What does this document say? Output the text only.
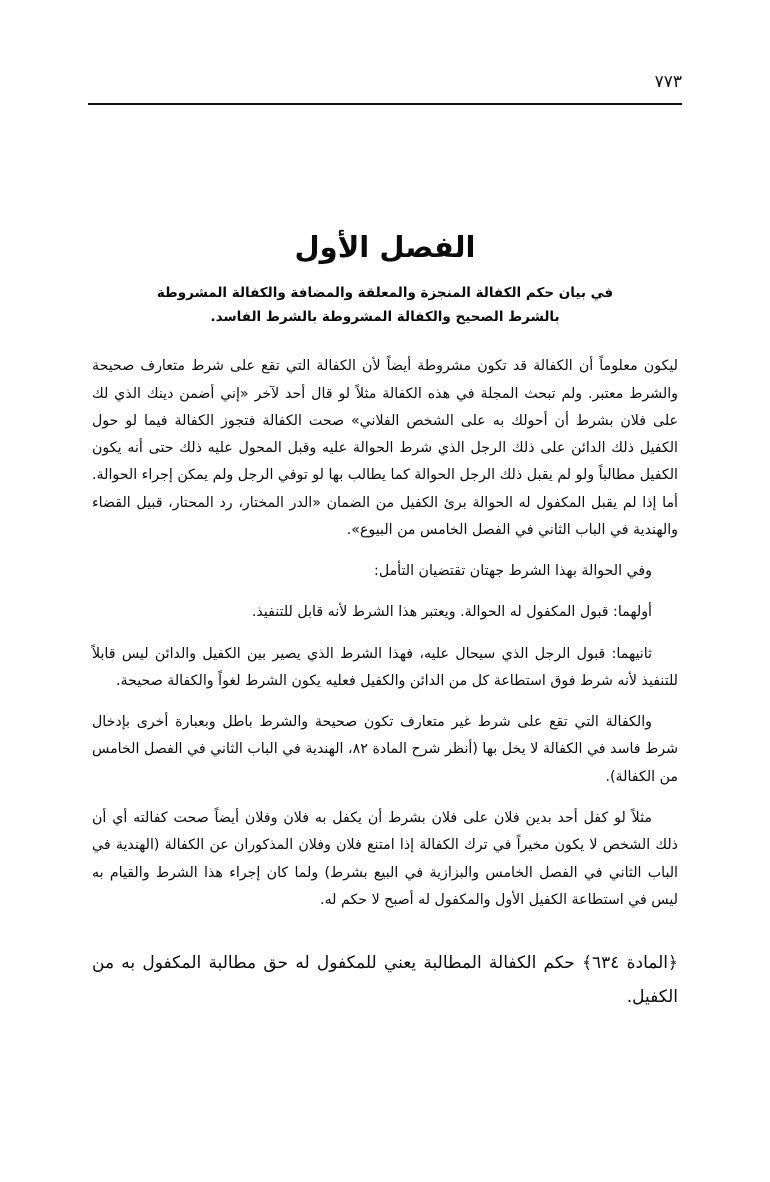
٧٧٣
الفصل الأول
في بيان حكم الكفالة المنجزة والمعلقة والمضافة والكفالة المشروطة بالشرط الصحيح والكفالة المشروطة بالشرط الفاسد.

ليكون معلوماً أن الكفالة قد تكون مشروطة أيضاً لأن الكفالة التي تقع على شرط متعارف صحيحة والشرط معتبر. ولم تبحث المجلة في هذه الكفالة مثلاً لو قال أحد لآخر «إني أضمن دينك الذي لك على فلان بشرط أن أحولك به على الشخص الفلاني» صحت الكفالة فتجوز الكفالة فيما لو حول الكفيل ذلك الدائن على ذلك الرجل الذي شرط الحوالة عليه وقبل المحول عليه ذلك حتى أنه يكون الكفيل مطالباً ولو لم يقبل ذلك الرجل الحوالة كما يطالب بها لو توفي الرجل ولم يمكن إجراء الحوالة. أما إذا لم يقبل المكفول له الحوالة برئ الكفيل من الضمان «الدر المختار، رد المحتار، قبيل القضاء والهندية في الباب الثاني في الفصل الخامس من البيوع».

وفي الحوالة بهذا الشرط جهتان تقتضيان التأمل:

أولهما: قبول المكفول له الحوالة. ويعتبر هذا الشرط لأنه قابل للتنفيذ.

ثانيهما: قبول الرجل الذي سيحال عليه، فهذا الشرط الذي يصير بين الكفيل والدائن ليس قابلاً للتنفيذ لأنه شرط فوق استطاعة كل من الدائن والكفيل فعليه يكون الشرط لغواً والكفالة صحيحة.

والكفالة التي تقع على شرط غير متعارف تكون صحيحة والشرط باطل وبعبارة أخرى بإدخال شرط فاسد في الكفالة لا يخل بها (أنظر شرح المادة ٨٢، الهندية في الباب الثاني في الفصل الخامس من الكفالة).

مثلاً لو كفل أحد بدين فلان على فلان بشرط أن يكفل به فلان وفلان أيضاً صحت كفالته أي أن ذلك الشخص لا يكون مخيراً في ترك الكفالة إذا امتنع فلان وفلان المذكوران عن الكفالة (الهندية في الباب الثاني في الفصل الخامس والبزازية في البيع بشرط) ولما كان إجراء هذا الشرط والقيام به ليس في استطاعة الكفيل الأول والمكفول له أصبح لا حكم له.

﴿المادة ٦٣٤﴾ حكم الكفالة المطالبة يعني للمكفول له حق مطالبة المكفول به من الكفيل.
